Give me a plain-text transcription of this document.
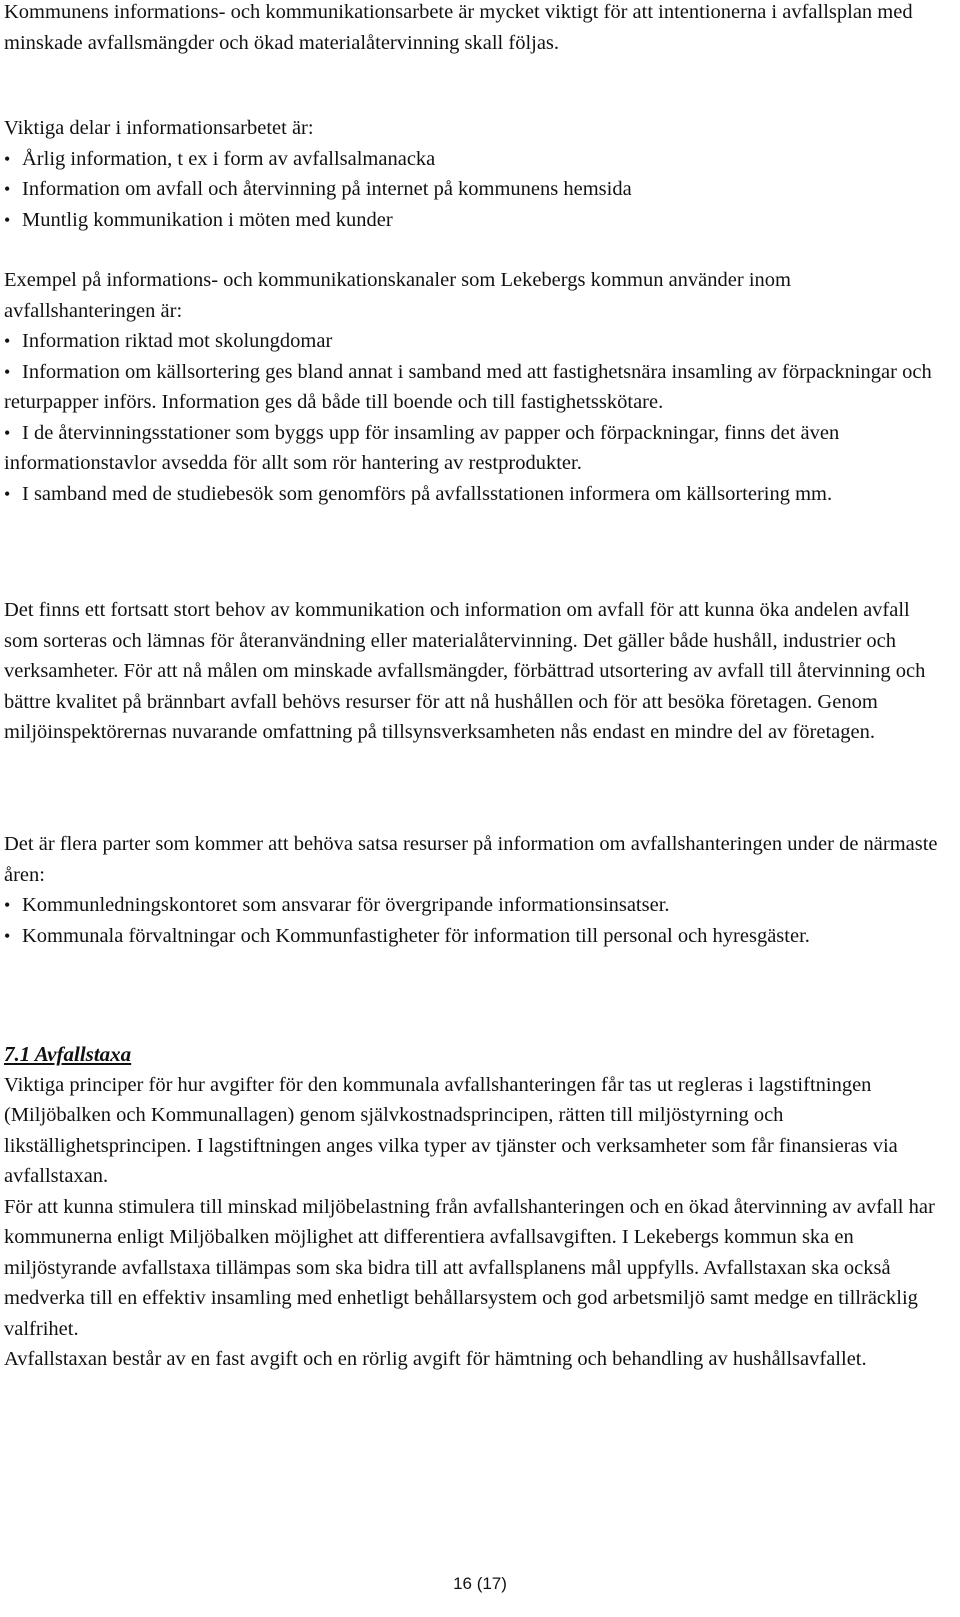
Kommunens informations- och kommunikationsarbete är mycket viktigt för att intentionerna i avfallsplan med minskade avfallsmängder och ökad materialåtervinning skall följas.

Viktiga delar i informationsarbetet är:

• Årlig information, t ex i form av avfallsalmanacka
• Information om avfall och återvinning på internet på kommunens hemsida
• Muntlig kommunikation i möten med kunder

Exempel på informations- och kommunikationskanaler som Lekebergs kommun använder inom avfallshanteringen är:

• Information riktad mot skolungdomar
• Information om källsortering ges bland annat i samband med att fastighetsnära insamling av förpackningar och returpapper införs. Information ges då både till boende och till fastighetsskötare.
• I de återvinningsstationer som byggs upp för insamling av papper och förpackningar, finns det även informationstavlor avsedda för allt som rör hantering av restprodukter.
• I samband med de studiebesök som genomförs på avfallsstationen informera om källsortering mm.

Det finns ett fortsatt stort behov av kommunikation och information om avfall för att kunna öka andelen avfall som sorteras och lämnas för återanvändning eller materialåtervinning. Det gäller både hushåll, industrier och verksamheter. För att nå målen om minskade avfallsmängder, förbättrad utsortering av avfall till återvinning och bättre kvalitet på brännbart avfall behövs resurser för att nå hushållen och för att besöka företagen. Genom miljöinspektörernas nuvarande omfattning på tillsynsverksamheten nås endast en mindre del av företagen.

Det är flera parter som kommer att behöva satsa resurser på information om avfallshanteringen under de närmaste åren:

• Kommunledningskontoret som ansvarar för övergripande informationsinsatser.
• Kommunala förvaltningar och Kommunfastigheter för information till personal och hyresgäster.

7.1 Avfallstaxa

Viktiga principer för hur avgifter för den kommunala avfallshanteringen får tas ut regleras i lagstiftningen (Miljöbalken och Kommunallagen) genom självkostnadsprincipen, rätten till miljöstyrning och likställighetsprincipen. I lagstiftningen anges vilka typer av tjänster och verksamheter som får finansieras via avfallstaxan.

För att kunna stimulera till minskad miljöbelastning från avfallshanteringen och en ökad återvinning av avfall har kommunerna enligt Miljöbalken möjlighet att differentiera avfallsavgiften. I Lekebergs kommun ska en miljöstyrande avfallstaxa tillämpas som ska bidra till att avfallsplanens mål uppfylls. Avfallstaxan ska också medverka till en effektiv insamling med enhetligt behållarsystem och god arbetsmiljö samt medge en tillräcklig valfrihet.

Avfallstaxan består av en fast avgift och en rörlig avgift för hämtning och behandling av hushållsavfallet.

16 (17)
